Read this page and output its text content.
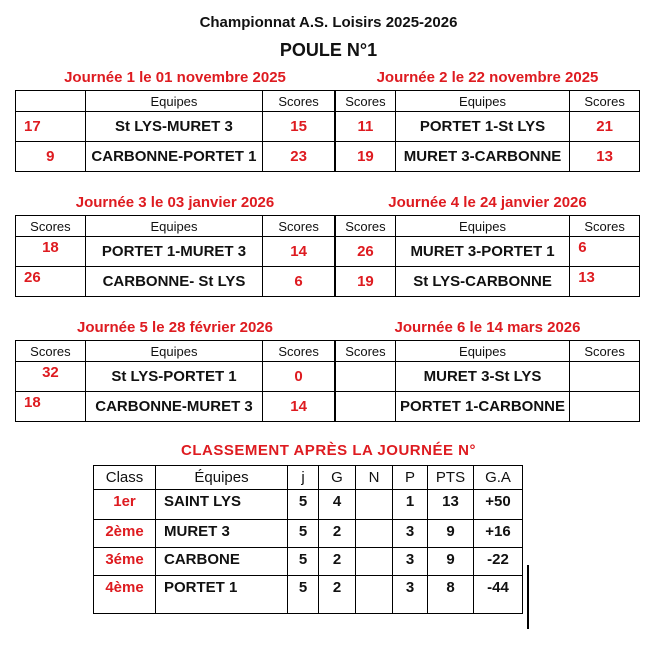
Championnat A.S. Loisirs 2025-2026
POULE N°1
Journée 1 le 01 novembre 2025
	Equipes	Scores
17	St LYS-MURET 3	15
9	CARBONNE-PORTET 1	23
Journée 2 le 22 novembre 2025
Scores	Equipes	Scores
11	PORTET 1-St LYS	21
19	MURET 3-CARBONNE	13
Journée 3 le 03 janvier 2026
Scores	Equipes	Scores
18	PORTET 1-MURET 3	14
26	CARBONNE- St LYS	6
Journée 4 le 24 janvier 2026
Scores	Equipes	Scores
26	MURET 3-PORTET 1	6
19	St LYS-CARBONNE	13
Journée 5 le 28 février 2026
Scores	Equipes	Scores
32	St LYS-PORTET 1	0
18	CARBONNE-MURET 3	14
Journée 6 le 14 mars 2026
Scores	Equipes	Scores
	MURET 3-St LYS	
	PORTET 1-CARBONNE	
CLASSEMENT APRÈS LA JOURNÉE N°
Class	Équipes	j	G	N	P	PTS	G.A
1er	SAINT LYS	5	4		1	13	+50
2ème	MURET 3	5	2		3	9	+16
3éme	CARBONE	5	2		3	9	-22
4ème	PORTET 1	5	2		3	8	-44
